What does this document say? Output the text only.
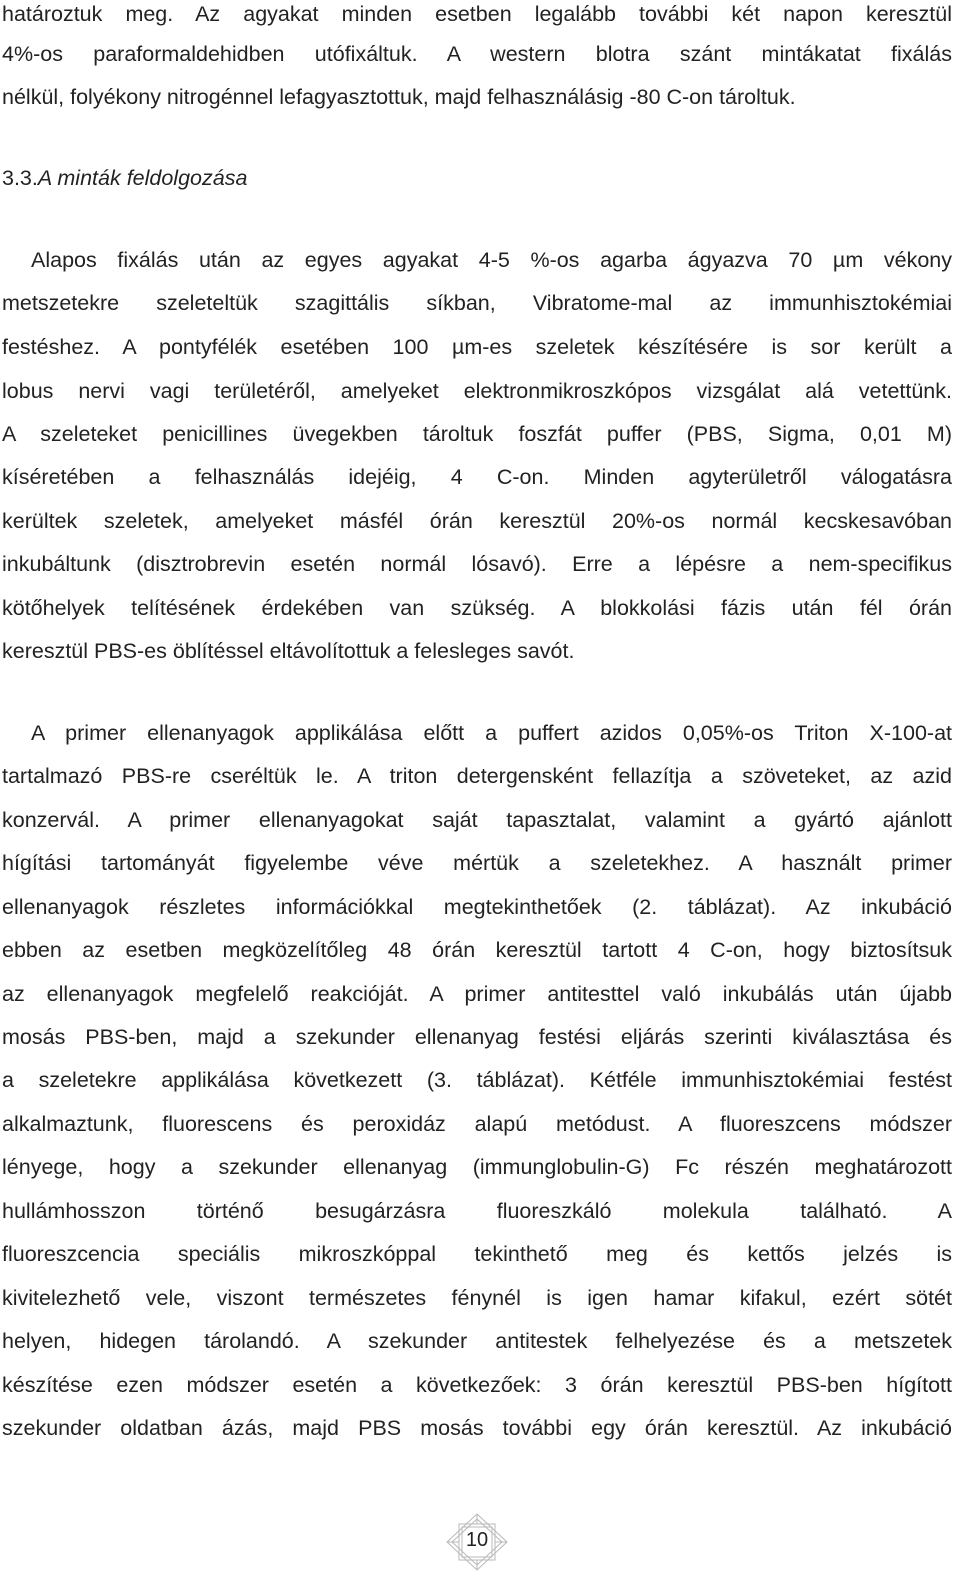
határoztuk meg. Az agyakat minden esetben legalább további két napon keresztül
4%-os paraformaldehidben utófixáltuk. A western blotra szánt mintákatat fixálás
nélkül, folyékony nitrogénnel lefagyasztottuk, majd felhasználásig -80 C-on tároltuk.
3.3.A minták feldolgozása
Alapos fixálás után az egyes agyakat 4-5 %-os agarba ágyazva 70 µm vékony
metszetekre szeleteltük szagittális síkban, Vibratome-mal az immunhisztokémiai
festéshez. A pontyfélék esetében 100 µm-es szeletek készítésére is sor került a
lobus nervi vagi területéről, amelyeket elektronmikroszkópos vizsgálat alá vetettünk.
A szeleteket penicillines üvegekben tároltuk foszfát puffer (PBS, Sigma, 0,01 M)
kíséretében a felhasználás idejéig, 4 C-on. Minden agyterületről válogatásra
kerültek szeletek, amelyeket másfél órán keresztül 20%-os normál kecskesavóban
inkubáltunk (disztrobrevin esetén normál lósavó). Erre a lépésre a nem-specifikus
kötőhelyek telítésének érdekében van szükség. A blokkolási fázis után fél órán
keresztül PBS-es öblítéssel eltávolítottuk a felesleges savót.
A primer ellenanyagok applikálása előtt a puffert azidos 0,05%-os Triton X-100-at
tartalmazó PBS-re cseréltük le. A triton detergensként fellazítja a szöveteket, az azid
konzervál. A primer ellenanyagokat saját tapasztalat, valamint a gyártó ajánlott
hígítási tartományát figyelembe véve mértük a szeletekhez. A használt primer
ellenanyagok részletes információkkal megtekinthetőek (2. táblázat). Az inkubáció
ebben az esetben megközelítőleg 48 órán keresztül tartott 4 C-on, hogy biztosítsuk
az ellenanyagok megfelelő reakcióját. A primer antitesttel való inkubálás után újabb
mosás PBS-ben, majd a szekunder ellenanyag festési eljárás szerinti kiválasztása és
a szeletekre applikálása következett (3. táblázat). Kétféle immunhisztokémiai festést
alkalmaztunk, fluorescens és peroxidáz alapú metódust. A fluoreszcens módszer
lényege, hogy a szekunder ellenanyag (immunglobulin-G) Fc részén meghatározott
hullámhosszon történő besugárzásra fluoreszkáló molekula található. A
fluoreszcencia speciális mikroszkóppal tekinthető meg és kettős jelzés is
kivitelezhető vele, viszont természetes fénynél is igen hamar kifakul, ezért sötét
helyen, hidegen tárolandó. A szekunder antitestek felhelyezése és a metszetek
készítése ezen módszer esetén a következőek: 3 órán keresztül PBS-ben hígított
szekunder oldatban ázás, majd PBS mosás további egy órán keresztül. Az inkubáció
10
